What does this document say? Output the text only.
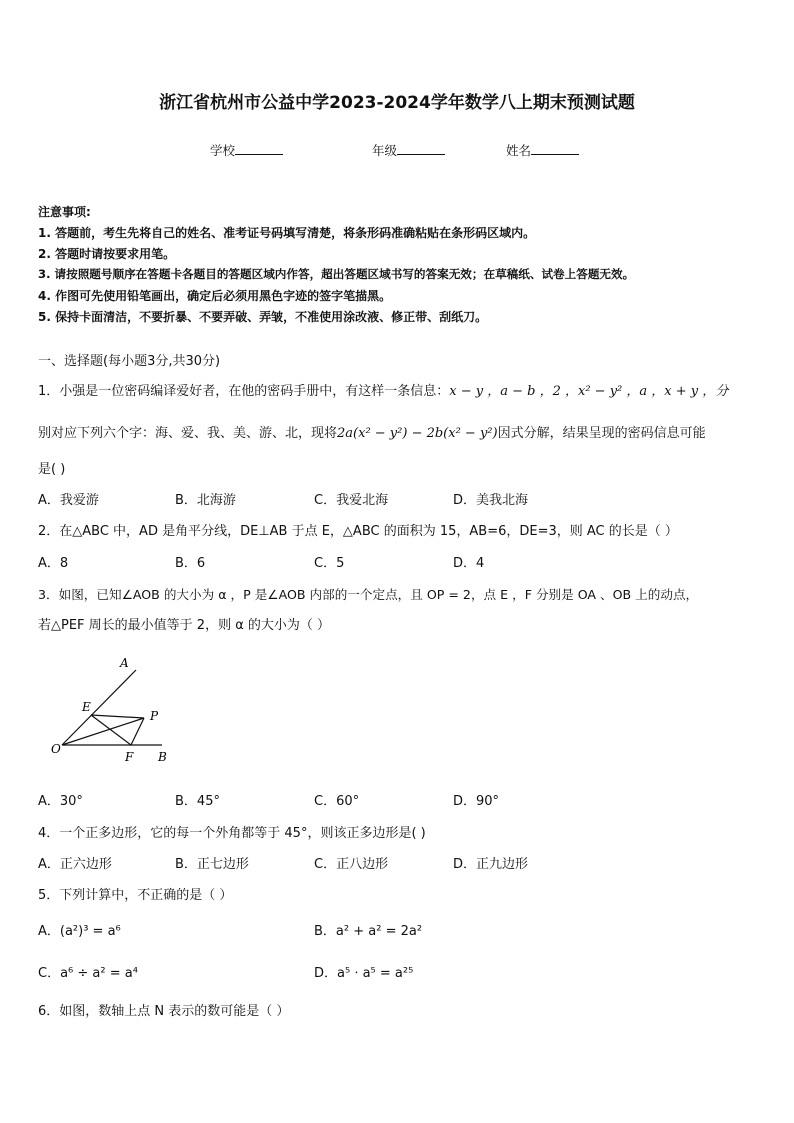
浙江省杭州市公益中学2023-2024学年数学八上期末预测试题
学校	年级	姓名
注意事项:
1. 答题前，考生先将自己的姓名、准考证号码填写清楚，将条形码准确粘贴在条形码区域内。
2. 答题时请按要求用笔。
3. 请按照题号顺序在答题卡各题目的答题区域内作答，超出答题区域书写的答案无效；在草稿纸、试卷上答题无效。
4. 作图可先使用铅笔画出，确定后必须用黑色字迹的签字笔描黑。
5. 保持卡面清洁，不要折暴、不要弄破、弄皱，不准使用涂改液、修正带、刮纸刀。
一、选择题(每小题3分,共30分)
1．小强是一位密码编译爱好者，在他的密码手册中，有这样一条信息：x − y ，a − b ，2 ，x² − y² ，a ，x + y ，分
别对应下列六个字：海、爱、我、美、游、北，现将2a(x² − y²) − 2b(x² − y²)因式分解，结果呈现的密码信息可能
是( )
A．我爱游	B．北海游	C．我爱北海	D．美我北海
2．在△ABC 中，AD 是角平分线，DE⊥AB 于点 E，△ABC 的面积为 15，AB=6，DE=3，则 AC 的长是（ ）
A．8	B．6	C．5	D．4
3．如图，已知∠AOB 的大小为 α ，P 是∠AOB 内部的一个定点，且 OP = 2，点 E ，F 分别是 OA 、OB 上的动点，
若△PEF 周长的最小值等于 2，则 α 的大小为（ ）
A
E
P
O
F B
A．30°	B．45°	C．60°	D．90°
4．一个正多边形，它的每一个外角都等于 45°，则该正多边形是( )
A．正六边形	B．正七边形	C．正八边形	D．正九边形
5．下列计算中，不正确的是（ ）
A．(a²)³ = a⁶	B．a² + a² = 2a²
C．a⁶ ÷ a² = a⁴	D．a⁵ ⋅ a⁵ = a²⁵
6．如图，数轴上点 N 表示的数可能是（ ）
